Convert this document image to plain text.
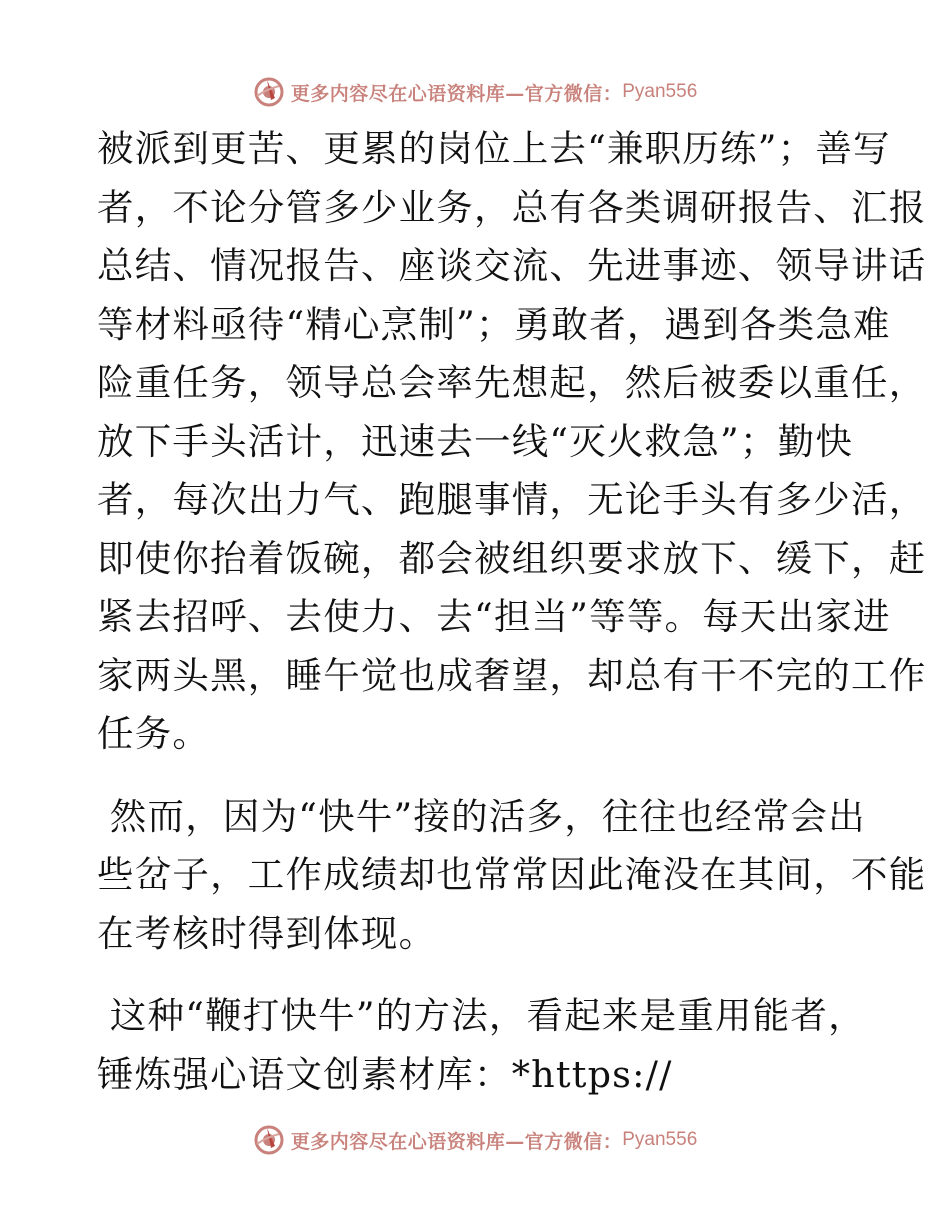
更多内容尽在心语资料库—官方微信： Pyan556
被派到更苦、更累的岗位上去“兼职历练”；善写
者，不论分管多少业务，总有各类调研报告、汇报
总结、情况报告、座谈交流、先进事迹、领导讲话
等材料亟待“精心烹制”；勇敢者，遇到各类急难
险重任务，领导总会率先想起，然后被委以重任，
放下手头活计，迅速去一线“灭火救急”；勤快
者，每次出力气、跑腿事情，无论手头有多少活，
即使你抬着饭碗，都会被组织要求放下、缓下，赶
紧去招呼、去使力、去“担当”等等。每天出家进
家两头黑，睡午觉也成奢望，却总有干不完的工作
任务。
然而，因为“快牛”接的活多，往往也经常会出
些岔子，工作成绩却也常常因此淹没在其间，不能
在考核时得到体现。
这种“鞭打快牛”的方法，看起来是重用能者，
锤炼强心语文创素材库：*https://
更多内容尽在心语资料库—官方微信： Pyan556
